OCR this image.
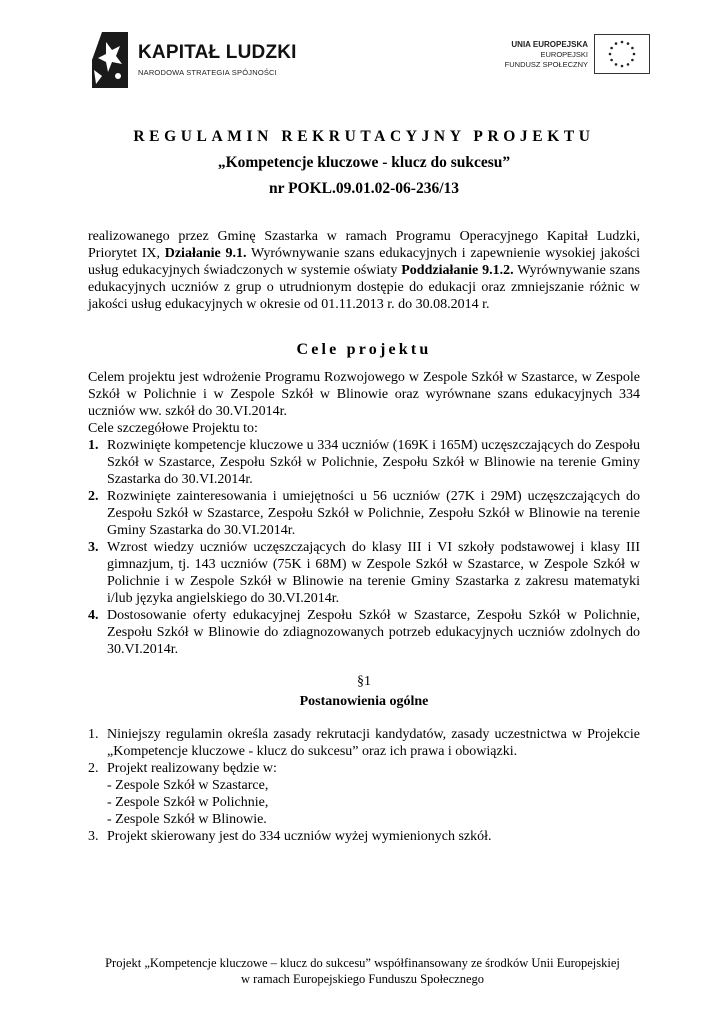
KAPITAŁ LUDZKI
NARODOWA STRATEGIA SPÓJNOŚCI
UNIA EUROPEJSKA
EUROPEJSKI
FUNDUSZ SPOŁECZNY
REGULAMIN REKRUTACYJNY PROJEKTU
„Kompetencje kluczowe - klucz do sukcesu”
nr POKL.09.01.02-06-236/13

realizowanego przez Gminę Szastarka w ramach Programu Operacyjnego Kapitał Ludzki, Priorytet IX, Działanie 9.1. Wyrównywanie szans edukacyjnych i zapewnienie wysokiej jakości usług edukacyjnych świadczonych w systemie oświaty Poddziałanie 9.1.2. Wyrównywanie szans edukacyjnych uczniów z grup o utrudnionym dostępie do edukacji oraz zmniejszanie różnic w jakości usług edukacyjnych w okresie od 01.11.2013 r. do 30.08.2014 r.

Cele projektu

Celem projektu jest wdrożenie Programu Rozwojowego w Zespole Szkół w Szastarce, w Zespole Szkół w Polichnie i w Zespole Szkół w Blinowie oraz wyrównane szans edukacyjnych 334 uczniów ww. szkół do 30.VI.2014r.

Cele szczegółowe Projektu to:

1. Rozwinięte kompetencje kluczowe u 334 uczniów (169K i 165M) uczęszczających do Zespołu Szkół w Szastarce, Zespołu Szkół w Polichnie, Zespołu Szkół w Blinowie na terenie Gminy Szastarka do 30.VI.2014r.
2. Rozwinięte zainteresowania i umiejętności u 56 uczniów (27K i 29M) uczęszczających do Zespołu Szkół w Szastarce, Zespołu Szkół w Polichnie, Zespołu Szkół w Blinowie na terenie Gminy Szastarka do 30.VI.2014r.
3. Wzrost wiedzy uczniów uczęszczających do klasy III i VI szkoły podstawowej i klasy III gimnazjum, tj. 143 uczniów (75K i 68M) w Zespole Szkół w Szastarce, w Zespole Szkół w Polichnie i w Zespole Szkół w Blinowie na terenie Gminy Szastarka z zakresu matematyki i/lub języka angielskiego do 30.VI.2014r.
4. Dostosowanie oferty edukacyjnej Zespołu Szkół w Szastarce, Zespołu Szkół w Polichnie, Zespołu Szkół w Blinowie do zdiagnozowanych potrzeb edukacyjnych uczniów zdolnych do 30.VI.2014r.
§1
Postanowienia ogólne
1. Niniejszy regulamin określa zasady rekrutacji kandydatów, zasady uczestnictwa w Projekcie „Kompetencje kluczowe - klucz do sukcesu” oraz ich prawa i obowiązki.
2. Projekt realizowany będzie w:
- Zespole Szkół w Szastarce,
- Zespole Szkół w Polichnie,
- Zespole Szkół w Blinowie.
3. Projekt skierowany jest do 334 uczniów wyżej wymienionych szkół.
Projekt „Kompetencje kluczowe – klucz do sukcesu” współfinansowany ze środków Unii Europejskiej
w ramach Europejskiego Funduszu Społecznego
